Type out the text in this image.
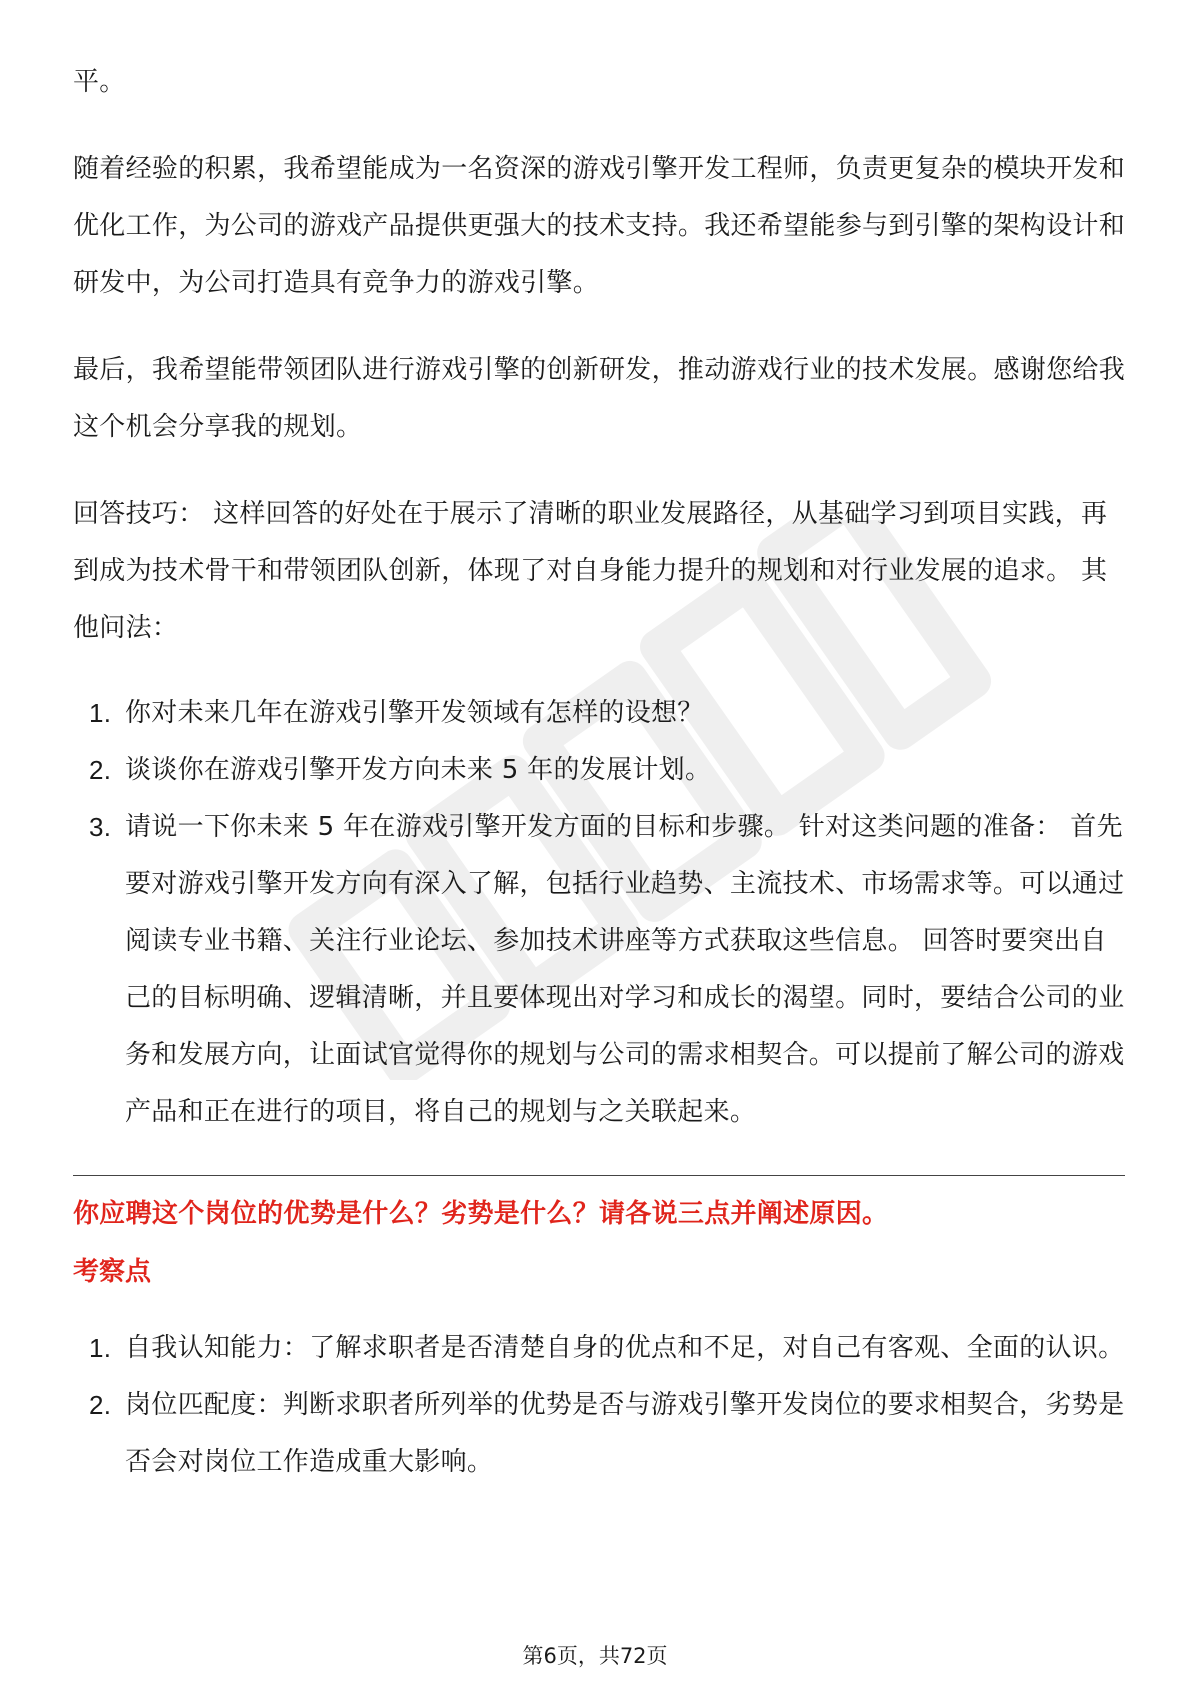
平。

随着经验的积累，我希望能成为一名资深的游戏引擎开发工程师，负责更复杂的模块开发和优化工作，为公司的游戏产品提供更强大的技术支持。我还希望能参与到引擎的架构设计和研发中，为公司打造具有竞争力的游戏引擎。

最后，我希望能带领团队进行游戏引擎的创新研发，推动游戏行业的技术发展。感谢您给我这个机会分享我的规划。

回答技巧： 这样回答的好处在于展示了清晰的职业发展路径，从基础学习到项目实践，再到成为技术骨干和带领团队创新，体现了对自身能力提升的规划和对行业发展的追求。 其他问法：

1. 你对未来几年在游戏引擎开发领域有怎样的设想？
2. 谈谈你在游戏引擎开发方向未来 5 年的发展计划。
3. 请说一下你未来 5 年在游戏引擎开发方面的目标和步骤。 针对这类问题的准备： 首先要对游戏引擎开发方向有深入了解，包括行业趋势、主流技术、市场需求等。可以通过阅读专业书籍、关注行业论坛、参加技术讲座等方式获取这些信息。 回答时要突出自己的目标明确、逻辑清晰，并且要体现出对学习和成长的渴望。同时，要结合公司的业务和发展方向，让面试官觉得你的规划与公司的需求相契合。可以提前了解公司的游戏产品和正在进行的项目，将自己的规划与之关联起来。
你应聘这个岗位的优势是什么？劣势是什么？请各说三点并阐述原因。
考察点
1. 自我认知能力：了解求职者是否清楚自身的优点和不足，对自己有客观、全面的认识。
2. 岗位匹配度：判断求职者所列举的优势是否与游戏引擎开发岗位的要求相契合，劣势是否会对岗位工作造成重大影响。
第6页，共72页
